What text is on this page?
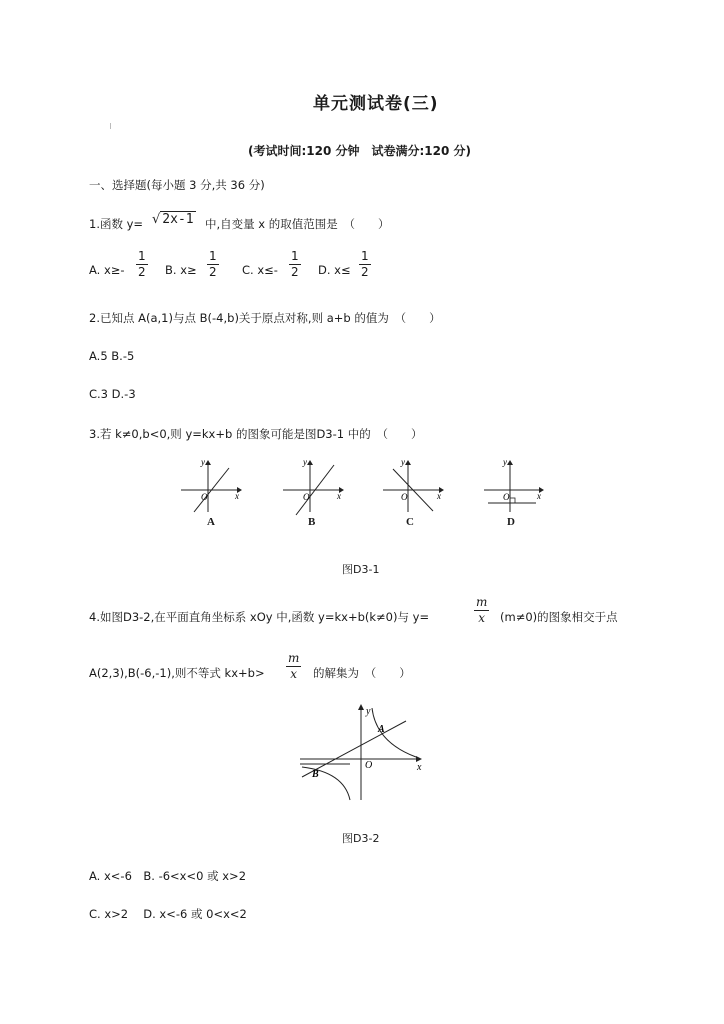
单元测试卷(三)
(考试时间:120 分钟　试卷满分:120 分)
一、选择题(每小题 3 分,共 36 分)
1.函数 y= √ 2x-1 中,自变量 x 的取值范围是　（　　）
A. $x\ge- \frac{1}{2} B$. $x\ge \frac{1}{2} C$. $x\le- \frac{1}{2} D$. $x\le \frac{1}{2}$
2.已知点 A(a,1)与点 B(-4,b)关于原点对称,则 a+b 的值为　（　　）
A.5 B.-5
C.3 D.-3
3.若 k≠0,b<0,则 y=kx+b 的图象可能是图D3-1 中的　（　　）
y
x
O
y
x
O
y
x
O
y
x
O
A	B	C	D
图D3-1
4.如图D3-2,在平面直角坐标系 xOy 中,函数 y=kx+b(k≠0)与 y=	$\frac{m}{x} (m\ne 0)$的图象相交于点
A(2,3),B(-6,-1),则不等式 $kx+b> \frac{m}{x}$ 的解集为　（　　）
y
x
O
A
B
图D3-2
A. x<-6　B. -6<x<0 或 x>2
C. x>2　 D. x<-6 或 0<x<2
